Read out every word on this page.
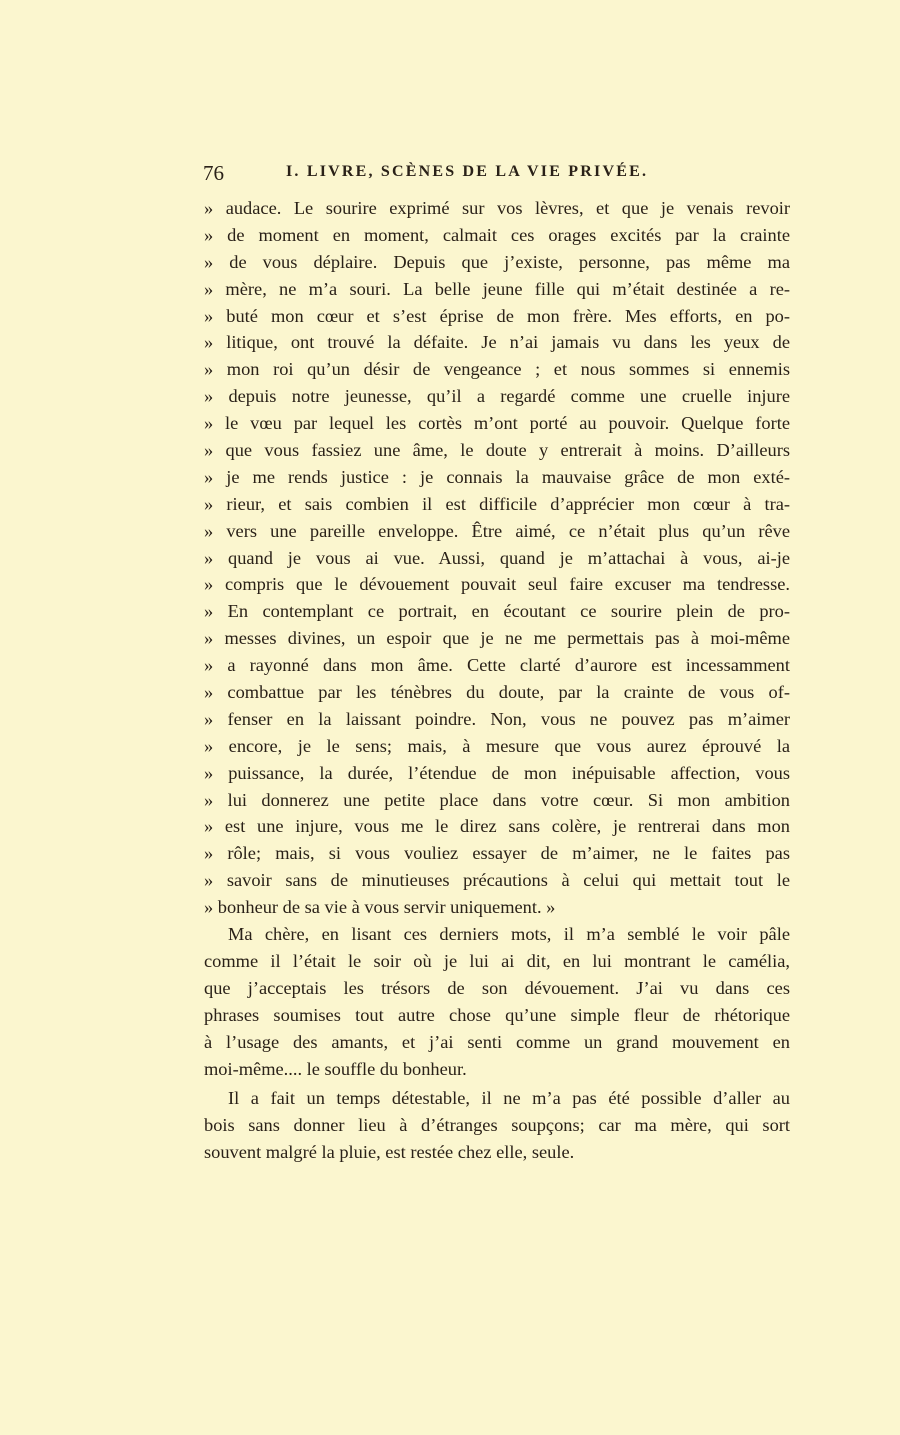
76	I. LIVRE, SCÈNES DE LA VIE PRIVÉE.
» audace. Le sourire exprimé sur vos lèvres, et que je venais revoir
» de moment en moment, calmait ces orages excités par la crainte
» de vous déplaire. Depuis que j’existe, personne, pas même ma
» mère, ne m’a souri. La belle jeune fille qui m’était destinée a re-
» buté mon cœur et s’est éprise de mon frère. Mes efforts, en po-
» litique, ont trouvé la défaite. Je n’ai jamais vu dans les yeux de
» mon roi qu’un désir de vengeance ; et nous sommes si ennemis
» depuis notre jeunesse, qu’il a regardé comme une cruelle injure
» le vœu par lequel les cortès m’ont porté au pouvoir. Quelque forte
» que vous fassiez une âme, le doute y entrerait à moins. D’ailleurs
» je me rends justice : je connais la mauvaise grâce de mon exté-
» rieur, et sais combien il est difficile d’apprécier mon cœur à tra-
» vers une pareille enveloppe. Être aimé, ce n’était plus qu’un rêve
» quand je vous ai vue. Aussi, quand je m’attachai à vous, ai-je
» compris que le dévouement pouvait seul faire excuser ma tendresse.
» En contemplant ce portrait, en écoutant ce sourire plein de pro-
» messes divines, un espoir que je ne me permettais pas à moi-même
» a rayonné dans mon âme. Cette clarté d’aurore est incessamment
» combattue par les ténèbres du doute, par la crainte de vous of-
» fenser en la laissant poindre. Non, vous ne pouvez pas m’aimer
» encore, je le sens; mais, à mesure que vous aurez éprouvé la
» puissance, la durée, l’étendue de mon inépuisable affection, vous
» lui donnerez une petite place dans votre cœur. Si mon ambition
» est une injure, vous me le direz sans colère, je rentrerai dans mon
» rôle; mais, si vous vouliez essayer de m’aimer, ne le faites pas
» savoir sans de minutieuses précautions à celui qui mettait tout le
» bonheur de sa vie à vous servir uniquement. »
Ma chère, en lisant ces derniers mots, il m’a semblé le voir pâle
comme il l’était le soir où je lui ai dit, en lui montrant le camélia,
que j’acceptais les trésors de son dévouement. J’ai vu dans ces
phrases soumises tout autre chose qu’une simple fleur de rhétorique
à l’usage des amants, et j’ai senti comme un grand mouvement en
moi-même.... le souffle du bonheur.
Il a fait un temps détestable, il ne m’a pas été possible d’aller au
bois sans donner lieu à d’étranges soupçons; car ma mère, qui sort
souvent malgré la pluie, est restée chez elle, seule.
